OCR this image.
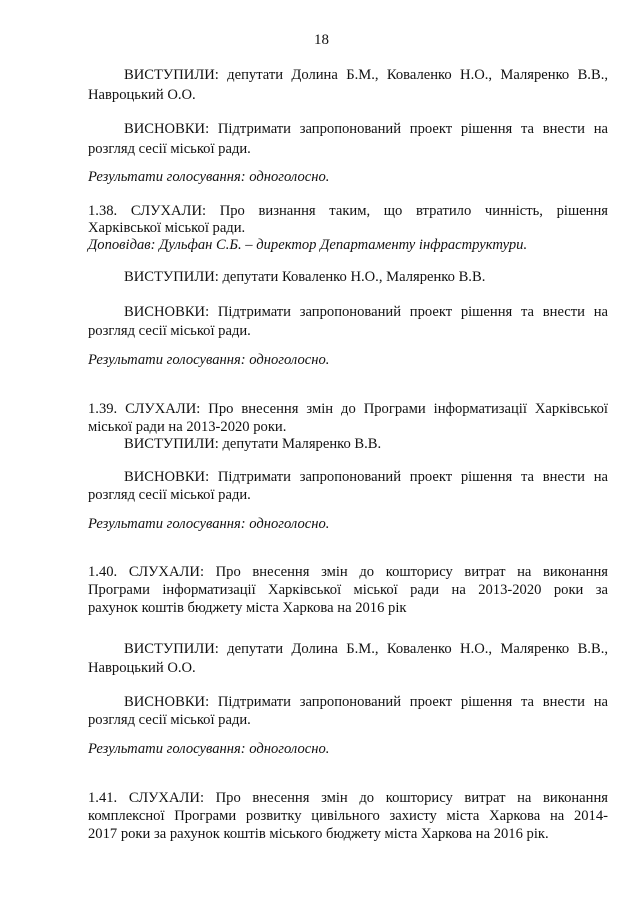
18
ВИСТУПИЛИ: депутати Долина Б.М., Коваленко Н.О., Маляренко В.В.,
Навроцький О.О.
ВИСНОВКИ: Підтримати запропонований проект рішення та внести на
розгляд сесії міської ради.
Результати голосування: одноголосно.
1.38. СЛУХАЛИ: Про визнання таким, що втратило чинність, рішення
Харківської міської ради.
Доповідав: Дульфан С.Б. – директор Департаменту інфраструктури.
ВИСТУПИЛИ: депутати Коваленко Н.О., Маляренко В.В.
ВИСНОВКИ: Підтримати запропонований проект рішення та внести на
розгляд сесії міської ради.
Результати голосування: одноголосно.
1.39. СЛУХАЛИ: Про внесення змін до Програми інформатизації Харківської
міської ради на 2013-2020 роки.
ВИСТУПИЛИ: депутати Маляренко В.В.
ВИСНОВКИ: Підтримати запропонований проект рішення та внести на
розгляд сесії міської ради.
Результати голосування: одноголосно.
1.40. СЛУХАЛИ: Про внесення змін до кошторису витрат на виконання
Програми інформатизації Харківської міської ради на 2013-2020 роки за
рахунок коштів бюджету міста Харкова на 2016 рік
ВИСТУПИЛИ: депутати Долина Б.М., Коваленко Н.О., Маляренко В.В.,
Навроцький О.О.
ВИСНОВКИ: Підтримати запропонований проект рішення та внести на
розгляд сесії міської ради.
Результати голосування: одноголосно.
1.41. СЛУХАЛИ: Про внесення змін до кошторису витрат на виконання
комплексної Програми розвитку цивільного захисту міста Харкова на 2014-
2017 роки за рахунок коштів міського бюджету міста Харкова на 2016 рік.
